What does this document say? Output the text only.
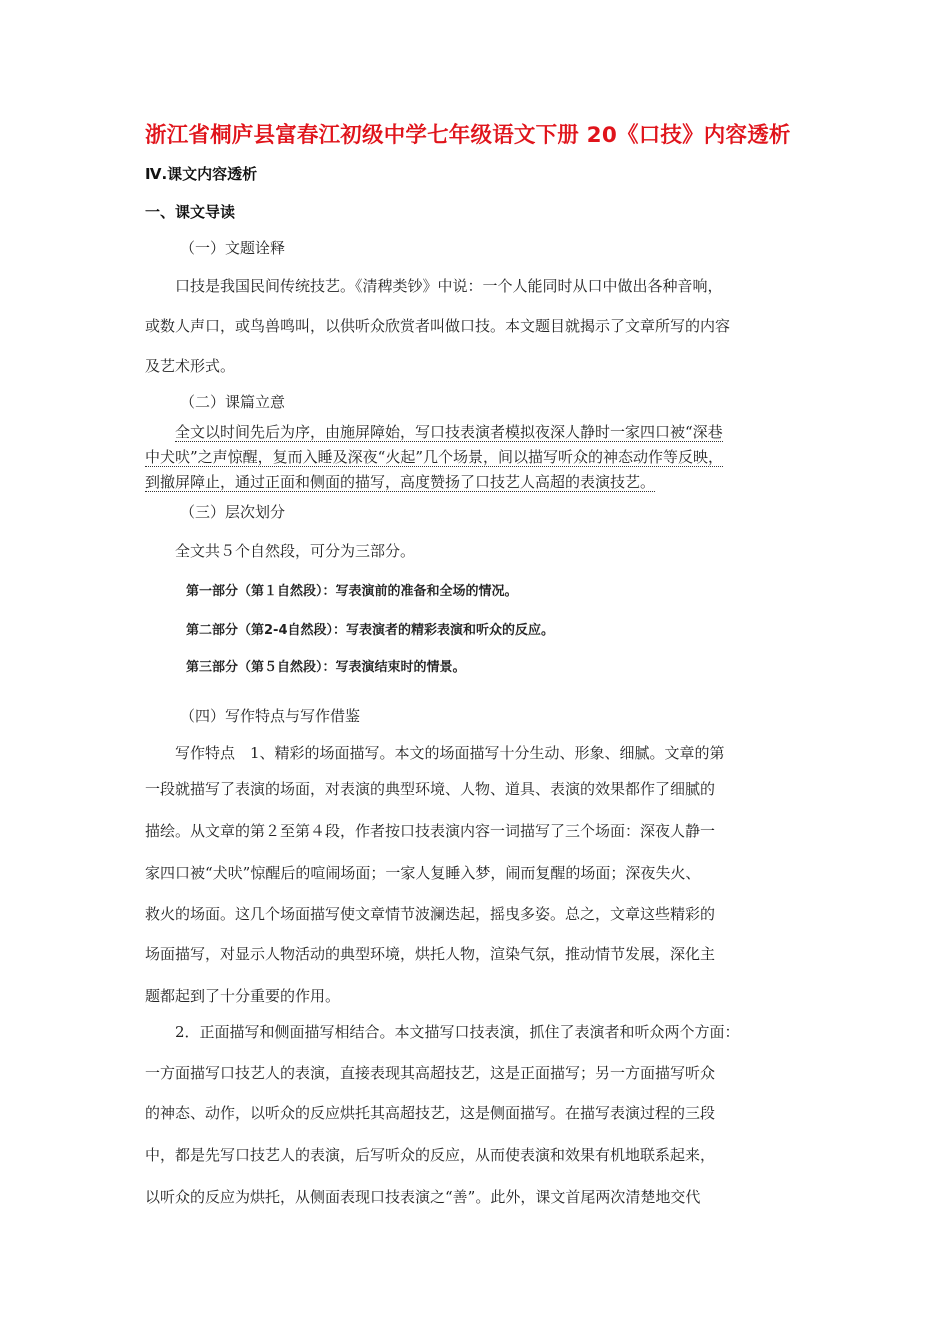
浙江省桐庐县富春江初级中学七年级语文下册 20《口技》内容透析
Ⅳ.课文内容透析
一、课文导读
（一）文题诠释
口技是我国民间传统技艺。《清稗类钞》中说：一个人能同时从口中做出各种音响，
或数人声口，或鸟兽鸣叫，以供听众欣赏者叫做口技。本文题目就揭示了文章所写的内容
及艺术形式。
（二）课篇立意
全文以时间先后为序，由施屏障始，写口技表演者模拟夜深人静时一家四口被“深巷
中犬吠”之声惊醒，复而入睡及深夜“火起”几个场景，间以描写听众的神态动作等反映，
到撤屏障止，通过正面和侧面的描写，高度赞扬了口技艺人高超的表演技艺。
（三）层次划分
全文共５个自然段，可分为三部分。
第一部分（第１自然段）：写表演前的准备和全场的情况。
第二部分（第2-4自然段）：写表演者的精彩表演和听众的反应。
第三部分（第５自然段）：写表演结束时的情景。
（四）写作特点与写作借鉴
写作特点　1、精彩的场面描写。本文的场面描写十分生动、形象、细腻。文章的第
一段就描写了表演的场面，对表演的典型环境、人物、道具、表演的效果都作了细腻的
描绘。从文章的第２至第４段，作者按口技表演内容一词描写了三个场面：深夜人静一
家四口被“犬吠”惊醒后的喧闹场面；一家人复睡入梦，闹而复醒的场面；深夜失火、
救火的场面。这几个场面描写使文章情节波澜迭起，摇曳多姿。总之，文章这些精彩的
场面描写，对显示人物活动的典型环境，烘托人物，渲染气氛，推动情节发展，深化主
题都起到了十分重要的作用。
2．正面描写和侧面描写相结合。本文描写口技表演，抓住了表演者和听众两个方面：
一方面描写口技艺人的表演，直接表现其高超技艺，这是正面描写；另一方面描写听众
的神态、动作，以听众的反应烘托其高超技艺，这是侧面描写。在描写表演过程的三段
中，都是先写口技艺人的表演，后写听众的反应，从而使表演和效果有机地联系起来，
以听众的反应为烘托，从侧面表现口技表演之“善”。此外，课文首尾两次清楚地交代
